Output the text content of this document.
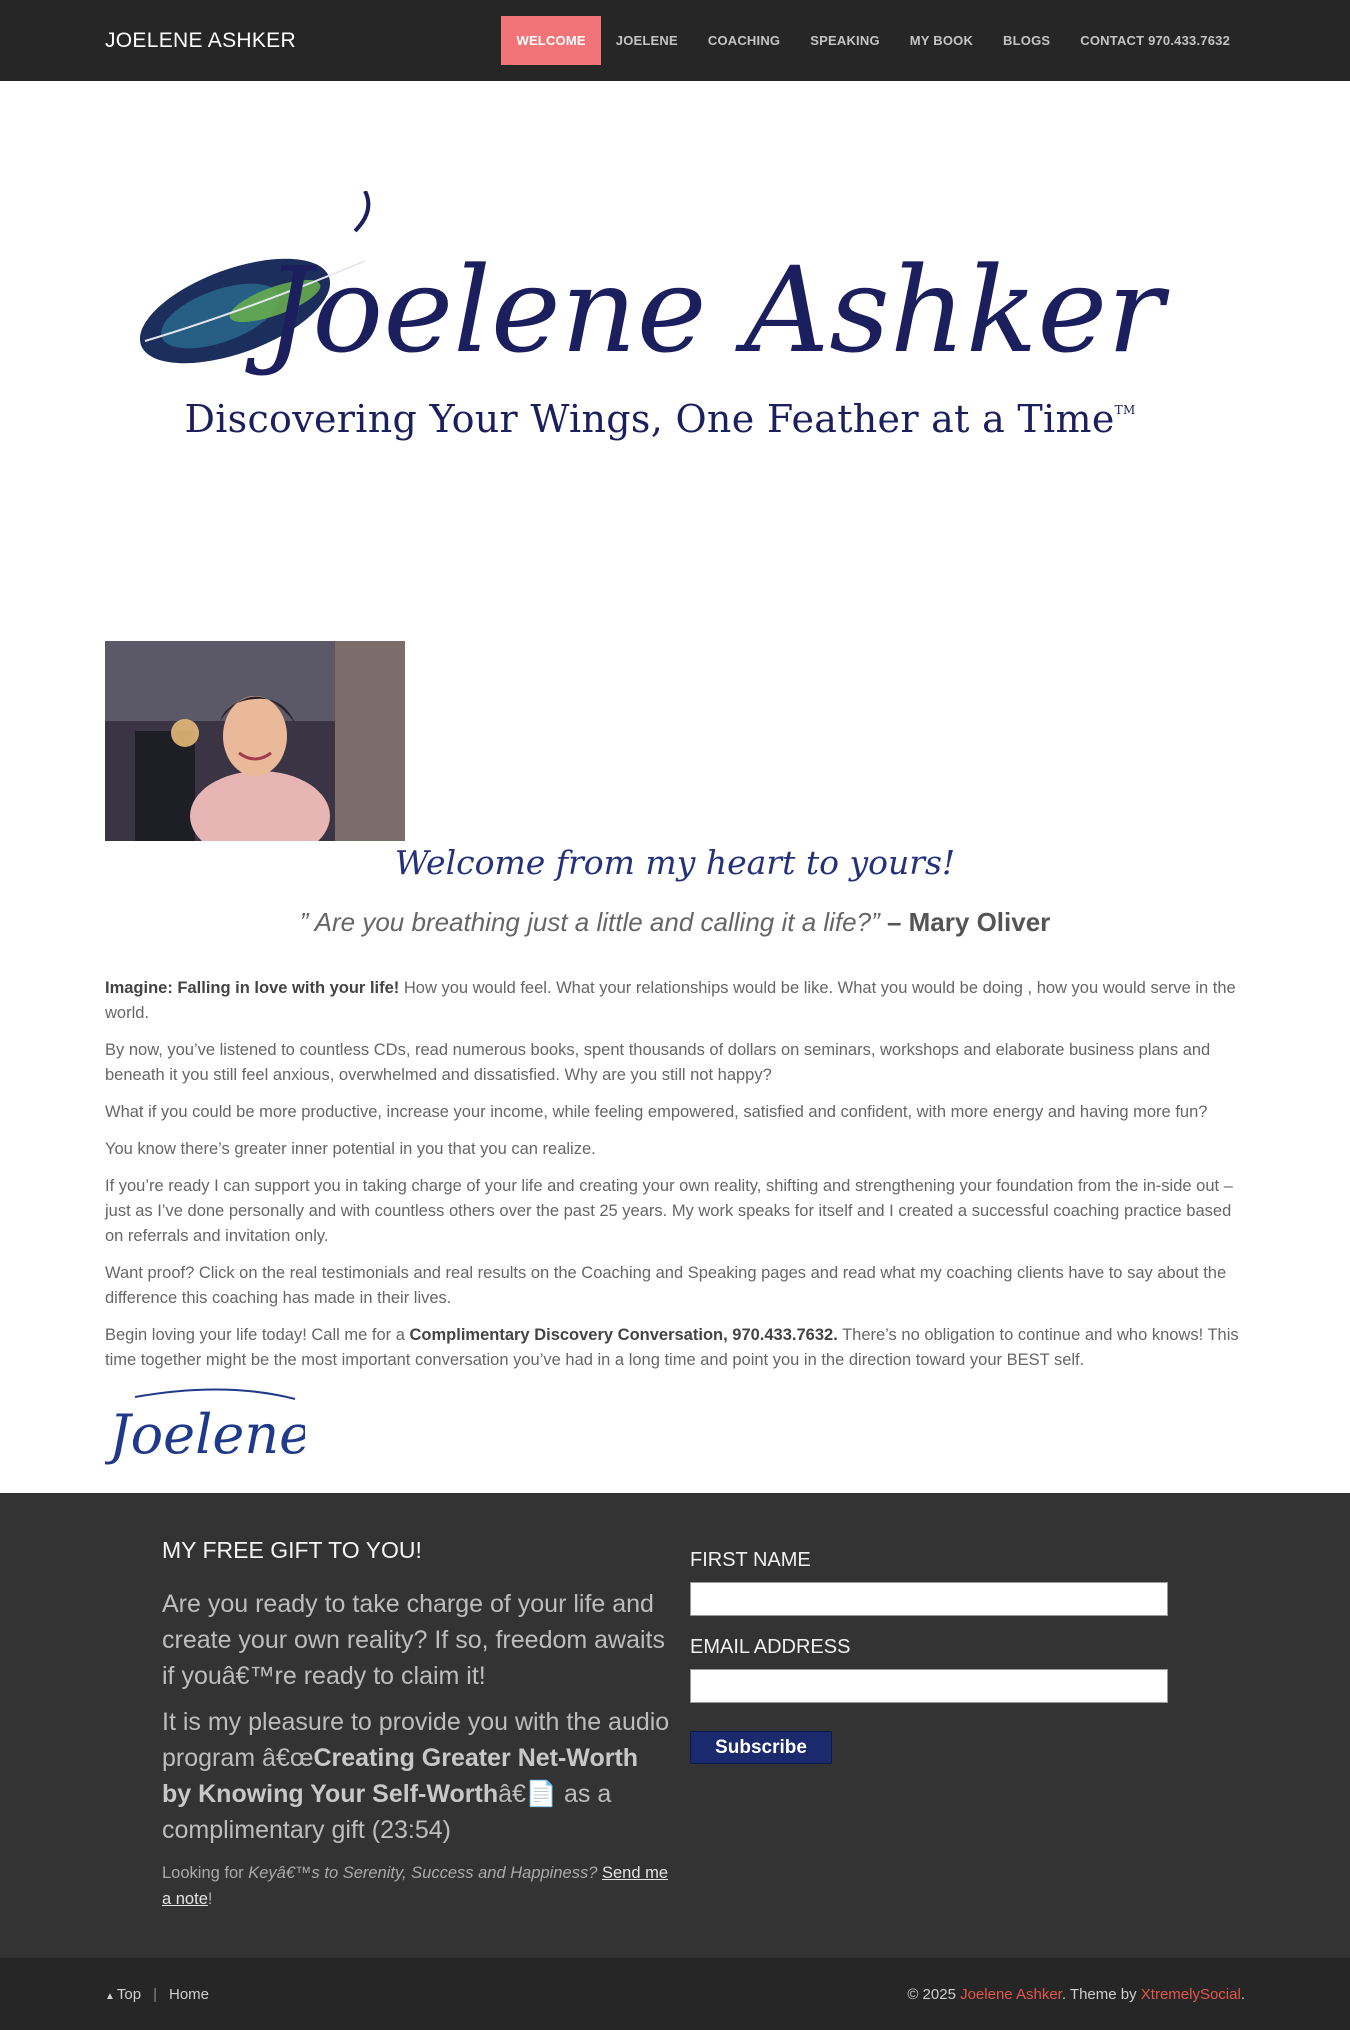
JOELENE ASHKER	WELCOME	JOELENE	COACHING	SPEAKING	MY BOOK	BLOGS	CONTACT 970.433.7632
Joelene Ashker
Discovering Your Wings, One Feather at a Time™
Welcome from my heart to yours!
” Are you breathing just a little and calling it a life?” – Mary Oliver

Imagine: Falling in love with your life! How you would feel. What your relationships would be like. What you would be doing , how you would serve in the world.

By now, you’ve listened to countless CDs, read numerous books, spent thousands of dollars on seminars, workshops and elaborate business plans and beneath it you still feel anxious, overwhelmed and dissatisfied. Why are you still not happy?

What if you could be more productive, increase your income, while feeling empowered, satisfied and confident, with more energy and having more fun?

You know there’s greater inner potential in you that you can realize.

If you’re ready I can support you in taking charge of your life and creating your own reality, shifting and strengthening your foundation from the in-side out – just as I’ve done personally and with countless others over the past 25 years. My work speaks for itself and I created a successful coaching practice based on referrals and invitation only.

Want proof? Click on the real testimonials and real results on the Coaching and Speaking pages and read what my coaching clients have to say about the difference this coaching has made in their lives.

Begin loving your life today! Call me for a Complimentary Discovery Conversation, 970.433.7632. There’s no obligation to continue and who knows! This time together might be the most important conversation you’ve had in a long time and point you in the direction toward your BEST self.

Joelene
MY FREE GIFT TO YOU!
Are you ready to take charge of your life and create your own reality? If so, freedom awaits if youâ€™re ready to claim it!
It is my pleasure to provide you with the audio program â€œCreating Greater Net-Worth by Knowing Your Self-Worthâ€📄 as a complimentary gift (23:54)
Looking for Keyâ€™s to Serenity, Success and Happiness? Send me a note!
FIRST NAME
EMAIL ADDRESS
Subscribe
▲ Top | Home	© 2025 Joelene Ashker. Theme by XtremelySocial.
